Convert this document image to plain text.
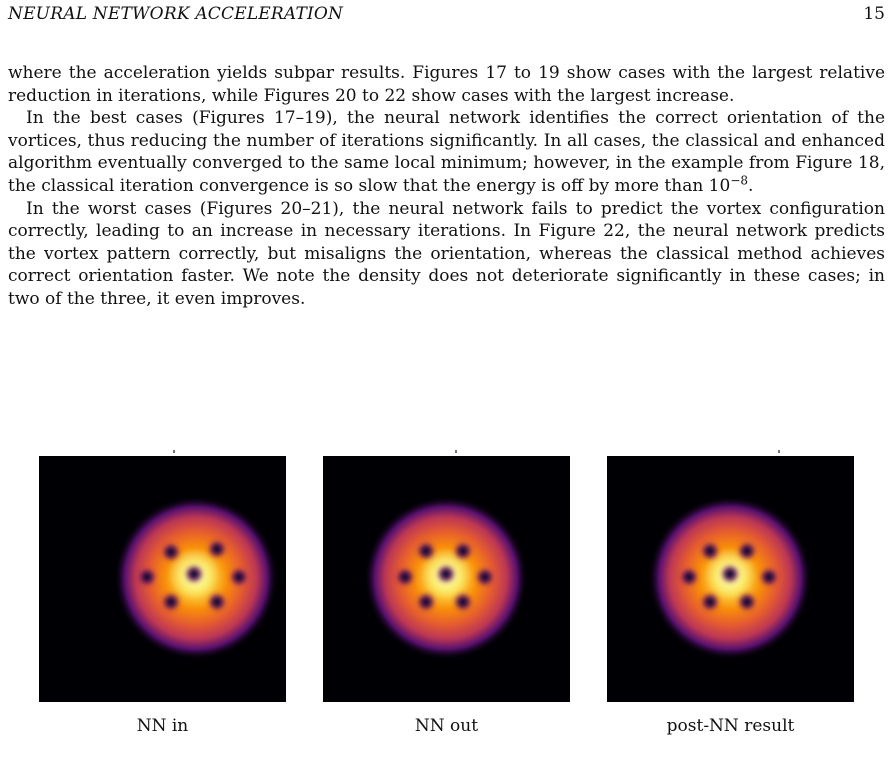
NEURAL NETWORK ACCELERATION	15

where the acceleration yields subpar results. Figures 17 to 19 show cases with the largest relative reduction in iterations, while Figures 20 to 22 show cases with the largest increase.

In the best cases (Figures 17–19), the neural network identifies the correct orientation of the vortices, thus reducing the number of iterations significantly. In all cases, the classical and enhanced algorithm eventually converged to the same local minimum; however, in the example from Figure 18, the classical iteration convergence is so slow that the energy is off by more than $10^{-8}$.

In the worst cases (Figures 20–21), the neural network fails to predict the vortex configuration correctly, leading to an increase in necessary iterations. In Figure 22, the neural network predicts the vortex pattern correctly, but misaligns the orientation, whereas the classical method achieves correct orientation faster. We note the density does not deteriorate significantly in these cases; in two of the three, it even improves.

NN in	NN out	post-NN result
